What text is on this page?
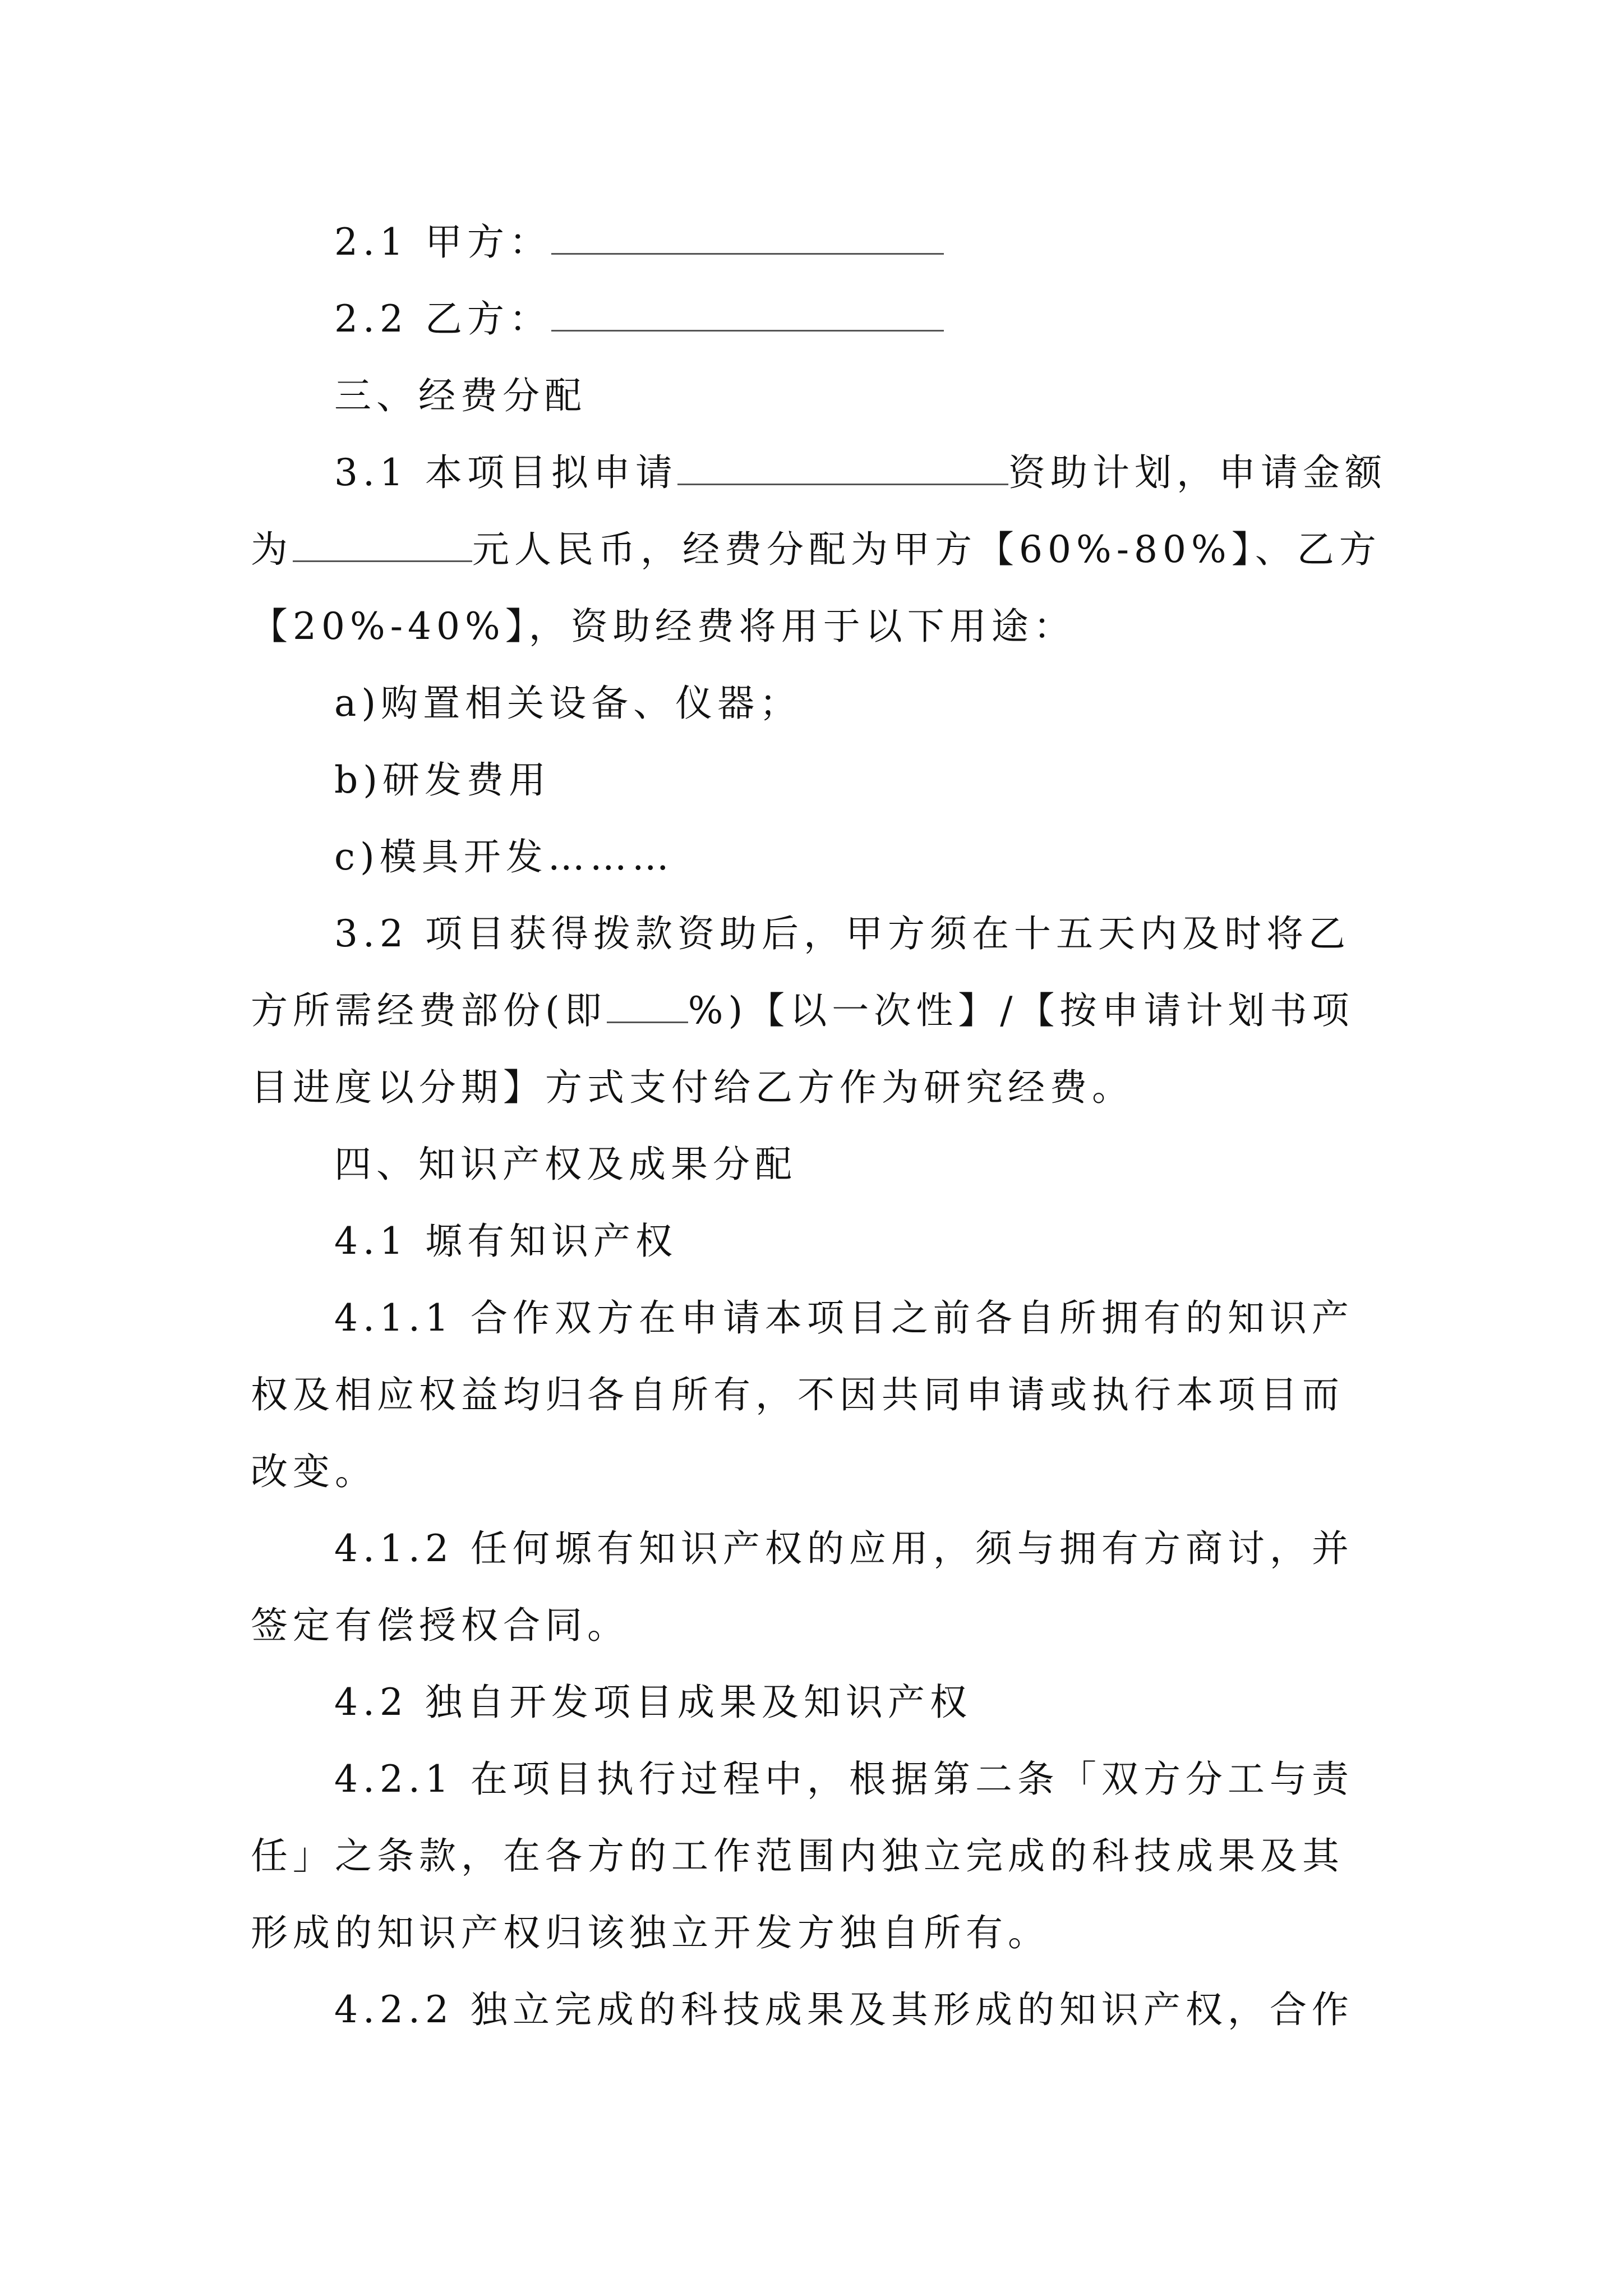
2.1 甲方：
2.2 乙方：
三、经费分配
3.1 本项目拟申请	资助计划，申请金额
为	元人民币，经费分配为甲方【60%-80%】、乙方
【20%-40%】，资助经费将用于以下用途：
a)购置相关设备、仪器；
b)研发费用
c)模具开发………
3.2 项目获得拨款资助后，甲方须在十五天内及时将乙
方所需经费部份(即 %)【以一次性】/【按申请计划书项
目进度以分期】方式支付给乙方作为研究经费。
四、知识产权及成果分配
4.1 塬有知识产权
4.1.1 合作双方在申请本项目之前各自所拥有的知识产
权及相应权益均归各自所有，不因共同申请或执行本项目而
改变。
4.1.2 任何塬有知识产权的应用，须与拥有方商讨，并
签定有偿授权合同。
4.2 独自开发项目成果及知识产权
4.2.1 在项目执行过程中，根据第二条「双方分工与责
任」之条款，在各方的工作范围内独立完成的科技成果及其
形成的知识产权归该独立开发方独自所有。
4.2.2 独立完成的科技成果及其形成的知识产权，合作
